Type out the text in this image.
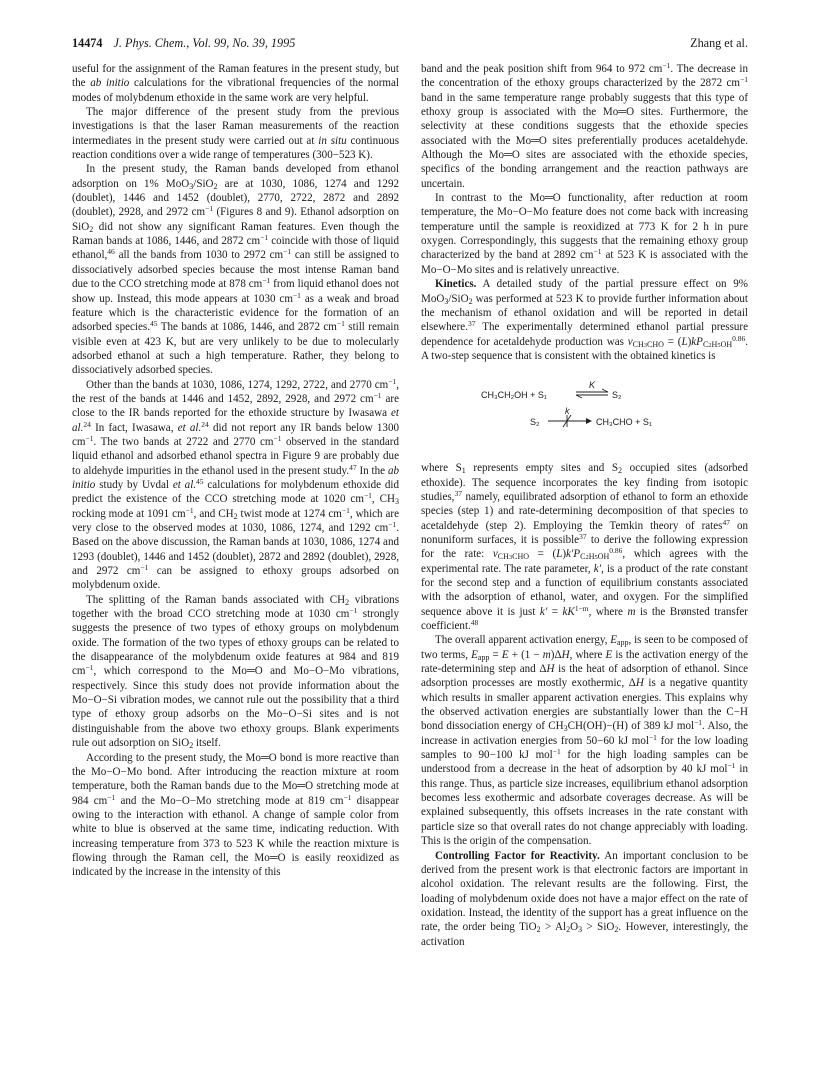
14474 J. Phys. Chem., Vol. 99, No. 39, 1995	Zhang et al.

useful for the assignment of the Raman features in the present study, but the ab initio calculations for the vibrational frequencies of the normal modes of molybdenum ethoxide in the same work are very helpful.

The major difference of the present study from the previous investigations is that the laser Raman measurements of the reaction intermediates in the present study were carried out at in situ continuous reaction conditions over a wide range of temperatures (300−523 K).

In the present study, the Raman bands developed from ethanol adsorption on 1% MoO$_3$/SiO$_2$ are at 1030, 1086, 1274 and 1292 (doublet), 1446 and 1452 (doublet), 2770, 2722, 2872 and 2892 (doublet), 2928, and 2972 $cm^{-1}$ (Figures 8 and 9). Ethanol adsorption on SiO$_2$ did not show any significant Raman features. Even though the Raman bands at 1086, 1446, and 2872 $cm^{-1}$ coincide with those of liquid ethanol,$^{46}$ all the bands from 1030 to 2972 $cm^{-1}$ can still be assigned to dissociatively adsorbed species because the most intense Raman band due to the CCO stretching mode at 878 $cm^{-1}$ from liquid ethanol does not show up. Instead, this mode appears at 1030 $cm^{-1}$ as a weak and broad feature which is the characteristic evidence for the formation of an adsorbed species.$^{45}$ The bands at 1086, 1446, and 2872 $cm^{-1}$ still remain visible even at 423 K, but are very unlikely to be due to molecularly adsorbed ethanol at such a high temperature. Rather, they belong to dissociatively adsorbed species.

Other than the bands at 1030, 1086, 1274, 1292, 2722, and 2770 $cm^{-1}$, the rest of the bands at 1446 and 1452, 2892, 2928, and 2972 $cm^{-1}$ are close to the IR bands reported for the ethoxide structure by Iwasawa et al.$^{24}$ In fact, Iwasawa, et al.$^{24}$ did not report any IR bands below 1300 $cm^{-1}$. The two bands at 2722 and 2770 $cm^{-1}$ observed in the standard liquid ethanol and adsorbed ethanol spectra in Figure 9 are probably due to aldehyde impurities in the ethanol used in the present study.$^{47}$ In the ab initio study by Uvdal et al.$^{45}$ calculations for molybdenum ethoxide did predict the existence of the CCO stretching mode at 1020 $cm^{-1}$, $CH_3$ rocking mode at 1091 $cm^{-1}$, and $CH_2$ twist mode at 1274 $cm^{-1}$, which are very close to the observed modes at 1030, 1086, 1274, and 1292 $cm^{-1}$. Based on the above discussion, the Raman bands at 1030, 1086, 1274 and 1293 (doublet), 1446 and 1452 (doublet), 2872 and 2892 (doublet), 2928, and 2972 $cm^{-1}$ can be assigned to ethoxy groups adsorbed on molybdenum oxide.

The splitting of the Raman bands associated with $CH_2$ vibrations together with the broad CCO stretching mode at 1030 $cm^{-1}$ strongly suggests the presence of two types of ethoxy groups on molybdenum oxide. The formation of the two types of ethoxy groups can be related to the disappearance of the molybdenum oxide features at 984 and 819 $cm^{-1}$, which correspond to the Mo═O and Mo−O−Mo vibrations, respectively. Since this study does not provide information about the Mo−O−Si vibration modes, we cannot rule out the possibility that a third type of ethoxy group adsorbs on the Mo−O−Si sites and is not distinguishable from the above two ethoxy groups. Blank experiments rule out adsorption on SiO$_2$ itself.

According to the present study, the Mo═O bond is more reactive than the Mo−O−Mo bond. After introducing the reaction mixture at room temperature, both the Raman bands due to the Mo═O stretching mode at 984 $cm^{-1}$ and the Mo−O−Mo stretching mode at 819 $cm^{-1}$ disappear owing to the interaction with ethanol. A change of sample color from white to blue is observed at the same time, indicating reduction. With increasing temperature from 373 to 523 K while the reaction mixture is flowing through the Raman cell, the Mo═O is easily reoxidized as indicated by the increase in the intensity of this

band and the peak position shift from 964 to 972 $cm^{-1}$. The decrease in the concentration of the ethoxy groups characterized by the 2872 $cm^{-1}$ band in the same temperature range probably suggests that this type of ethoxy group is associated with the Mo═O sites. Furthermore, the selectivity at these conditions suggests that the ethoxide species associated with the Mo═O sites preferentially produces acetaldehyde. Although the Mo═O sites are associated with the ethoxide species, specifics of the bonding arrangement and the reaction pathways are uncertain.

In contrast to the Mo═O functionality, after reduction at room temperature, the Mo−O−Mo feature does not come back with increasing temperature until the sample is reoxidized at 773 K for 2 h in pure oxygen. Correspondingly, this suggests that the remaining ethoxy group characterized by the band at 2892 $cm^{-1}$ at 523 K is associated with the Mo−O−Mo sites and is relatively unreactive.

Kinetics. A detailed study of the partial pressure effect on 9% MoO$_3$/SiO$_2$ was performed at 523 K to provide further information about the mechanism of ethanol oxidation and will be reported in detail elsewhere.$^{37}$ The experimentally determined ethanol partial pressure dependence for acetaldehyde production was $v_{CH3CHO} = (L)kP_{C2H5OH}^{0.86}$. A two-step sequence that is consistent with the obtained kinetics is

CH₃CH₂OH + S₁
K
S₂
S₂
k
CH₃CHO + S₁

where $S_1$ represents empty sites and $S_2$ occupied sites (adsorbed ethoxide). The sequence incorporates the key finding from isotopic studies,$^{37}$ namely, equilibrated adsorption of ethanol to form an ethoxide species (step 1) and rate-determining decomposition of that species to acetaldehyde (step 2). Employing the Temkin theory of rates$^{47}$ on nonuniform surfaces, it is possible$^{37}$ to derive the following expression for the rate: $v_{CH3CHO} = (L)k'P_{C2H5OH}^{0.86}$, which agrees with the experimental rate. The rate parameter, k′, is a product of the rate constant for the second step and a function of equilibrium constants associated with the adsorption of ethanol, water, and oxygen. For the simplified sequence above it is just $k' = kK^{1-m}$, where m is the Brønsted transfer coefficient.$^{48}$

The overall apparent activation energy, $E_{app}$, is seen to be composed of two terms, $E_{app} = E + (1 - m)\Delta H$, where E is the activation energy of the rate-determining step and ΔH is the heat of adsorption of ethanol. Since adsorption processes are mostly exothermic, ΔH is a negative quantity which results in smaller apparent activation energies. This explains why the observed activation energies are substantially lower than the C−H bond dissociation energy of $CH_3CH(OH)-(H)$ of 389 kJ mol$^{-1}$. Also, the increase in activation energies from 50−60 kJ mol$^{-1}$ for the low loading samples to 90−100 kJ mol$^{-1}$ for the high loading samples can be understood from a decrease in the heat of adsorption by 40 kJ mol$^{-1}$ in this range. Thus, as particle size increases, equilibrium ethanol adsorption becomes less exothermic and adsorbate coverages decrease. As will be explained subsequently, this offsets increases in the rate constant with particle size so that overall rates do not change appreciably with loading. This is the origin of the compensation.

Controlling Factor for Reactivity. An important conclusion to be derived from the present work is that electronic factors are important in alcohol oxidation. The relevant results are the following. First, the loading of molybdenum oxide does not have a major effect on the rate of oxidation. Instead, the identity of the support has a great influence on the rate, the order being $TiO_2 > Al_2O_3 > SiO_2$. However, interestingly, the activation
